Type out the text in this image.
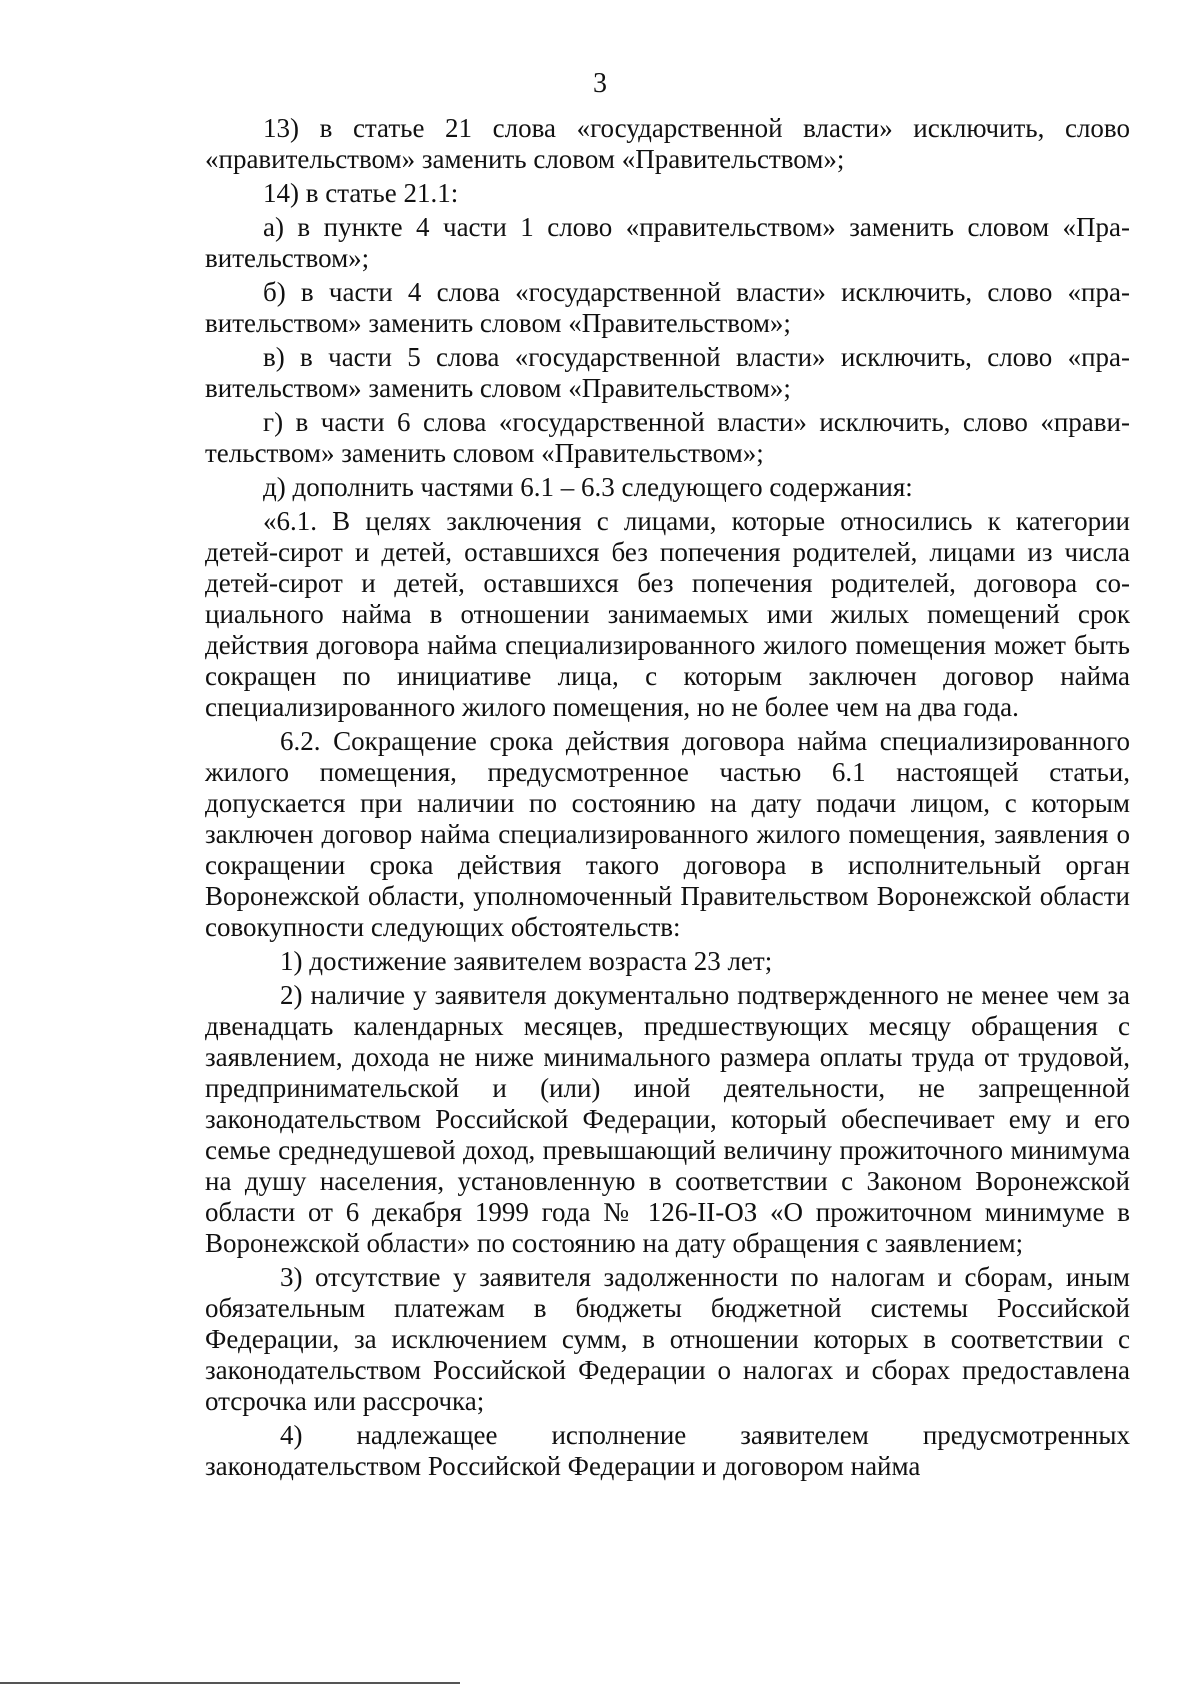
3

13) в статье 21 слова «государственной власти» исключить, слово «правительством» заменить словом «Правительством»;

14) в статье 21.1:

а) в пункте 4 части 1 слово «правительством» заменить словом «Правительством»;

б) в части 4 слова «государственной власти» исключить, слово «правительством» заменить словом «Правительством»;

в) в части 5 слова «государственной власти» исключить, слово «правительством» заменить словом «Правительством»;

г) в части 6 слова «государственной власти» исключить, слово «правительством» заменить словом «Правительством»;

д) дополнить частями 6.1 – 6.3 следующего содержания:

«6.1. В целях заключения с лицами, которые относились к категории детей-сирот и детей, оставшихся без попечения родителей, лицами из числа детей-сирот и детей, оставшихся без попечения родителей, договора социального найма в отношении занимаемых ими жилых помещений срок действия договора найма специализированного жилого помещения может быть сокращен по инициативе лица, с которым заключен договор найма специализированного жилого помещения, но не более чем на два года.

6.2. Сокращение срока действия договора найма специализированного жилого помещения, предусмотренное частью 6.1 настоящей статьи, допускается при наличии по состоянию на дату подачи лицом, с которым заключен договор найма специализированного жилого помещения, заявления о сокращении срока действия такого договора в исполнительный орган Воронежской области, уполномоченный Правительством Воронежской области совокупности следующих обстоятельств:

1) достижение заявителем возраста 23 лет;

2) наличие у заявителя документально подтвержденного не менее чем за двенадцать календарных месяцев, предшествующих месяцу обращения с заявлением, дохода не ниже минимального размера оплаты труда от трудовой, предпринимательской и (или) иной деятельности, не запрещенной законодательством Российской Федерации, который обеспечивает ему и его семье среднедушевой доход, превышающий величину прожиточного минимума на душу населения, установленную в соответствии с Законом Воронежской области от 6 декабря 1999 года № 126-II-ОЗ «О прожиточном минимуме в Воронежской области» по состоянию на дату обращения с заявлением;

3) отсутствие у заявителя задолженности по налогам и сборам, иным обязательным платежам в бюджеты бюджетной системы Российской Федерации, за исключением сумм, в отношении которых в соответствии с законодательством Российской Федерации о налогах и сборах предоставлена отсрочка или рассрочка;

4) надлежащее исполнение заявителем предусмотренных законодательством Российской Федерации и договором найма
